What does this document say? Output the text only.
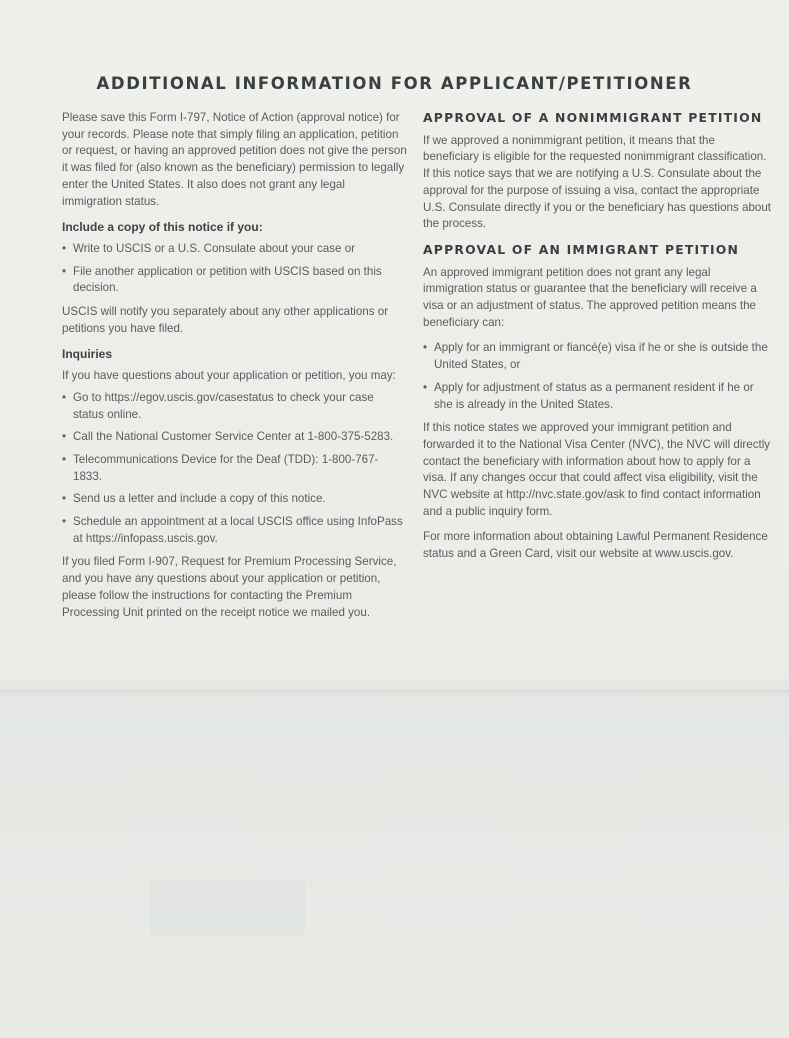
ADDITIONAL INFORMATION FOR APPLICANT/PETITIONER

Please save this Form I-797, Notice of Action (approval notice) for your records. Please note that simply filing an application, petition or request, or having an approved petition does not give the person it was filed for (also known as the beneficiary) permission to legally enter the United States. It also does not grant any legal immigration status.

Include a copy of this notice if you:
• Write to USCIS or a U.S. Consulate about your case or
• File another application or petition with USCIS based on this decision.

USCIS will notify you separately about any other applications or petitions you have filed.

Inquiries

If you have questions about your application or petition, you may:

• Go to https://egov.uscis.gov/casestatus to check your case status online.
• Call the National Customer Service Center at 1-800-375-5283.
• Telecommunications Device for the Deaf (TDD): 1-800-767-1833.
• Send us a letter and include a copy of this notice.
• Schedule an appointment at a local USCIS office using InfoPass at https://infopass.uscis.gov.

If you filed Form I-907, Request for Premium Processing Service, and you have any questions about your application or petition, please follow the instructions for contacting the Premium Processing Unit printed on the receipt notice we mailed you.

APPROVAL OF A NONIMMIGRANT PETITION

If we approved a nonimmigrant petition, it means that the beneficiary is eligible for the requested nonimmigrant classification. If this notice says that we are notifying a U.S. Consulate about the approval for the purpose of issuing a visa, contact the appropriate U.S. Consulate directly if you or the beneficiary has questions about the process.

APPROVAL OF AN IMMIGRANT PETITION

An approved immigrant petition does not grant any legal immigration status or guarantee that the beneficiary will receive a visa or an adjustment of status. The approved petition means the beneficiary can:

• Apply for an immigrant or fiancé(e) visa if he or she is outside the United States, or
• Apply for adjustment of status as a permanent resident if he or she is already in the United States.

If this notice states we approved your immigrant petition and forwarded it to the National Visa Center (NVC), the NVC will directly contact the beneficiary with information about how to apply for a visa. If any changes occur that could affect visa eligibility, visit the NVC website at http://nvc.state.gov/ask to find contact information and a public inquiry form.

For more information about obtaining Lawful Permanent Residence status and a Green Card, visit our website at www.uscis.gov.
